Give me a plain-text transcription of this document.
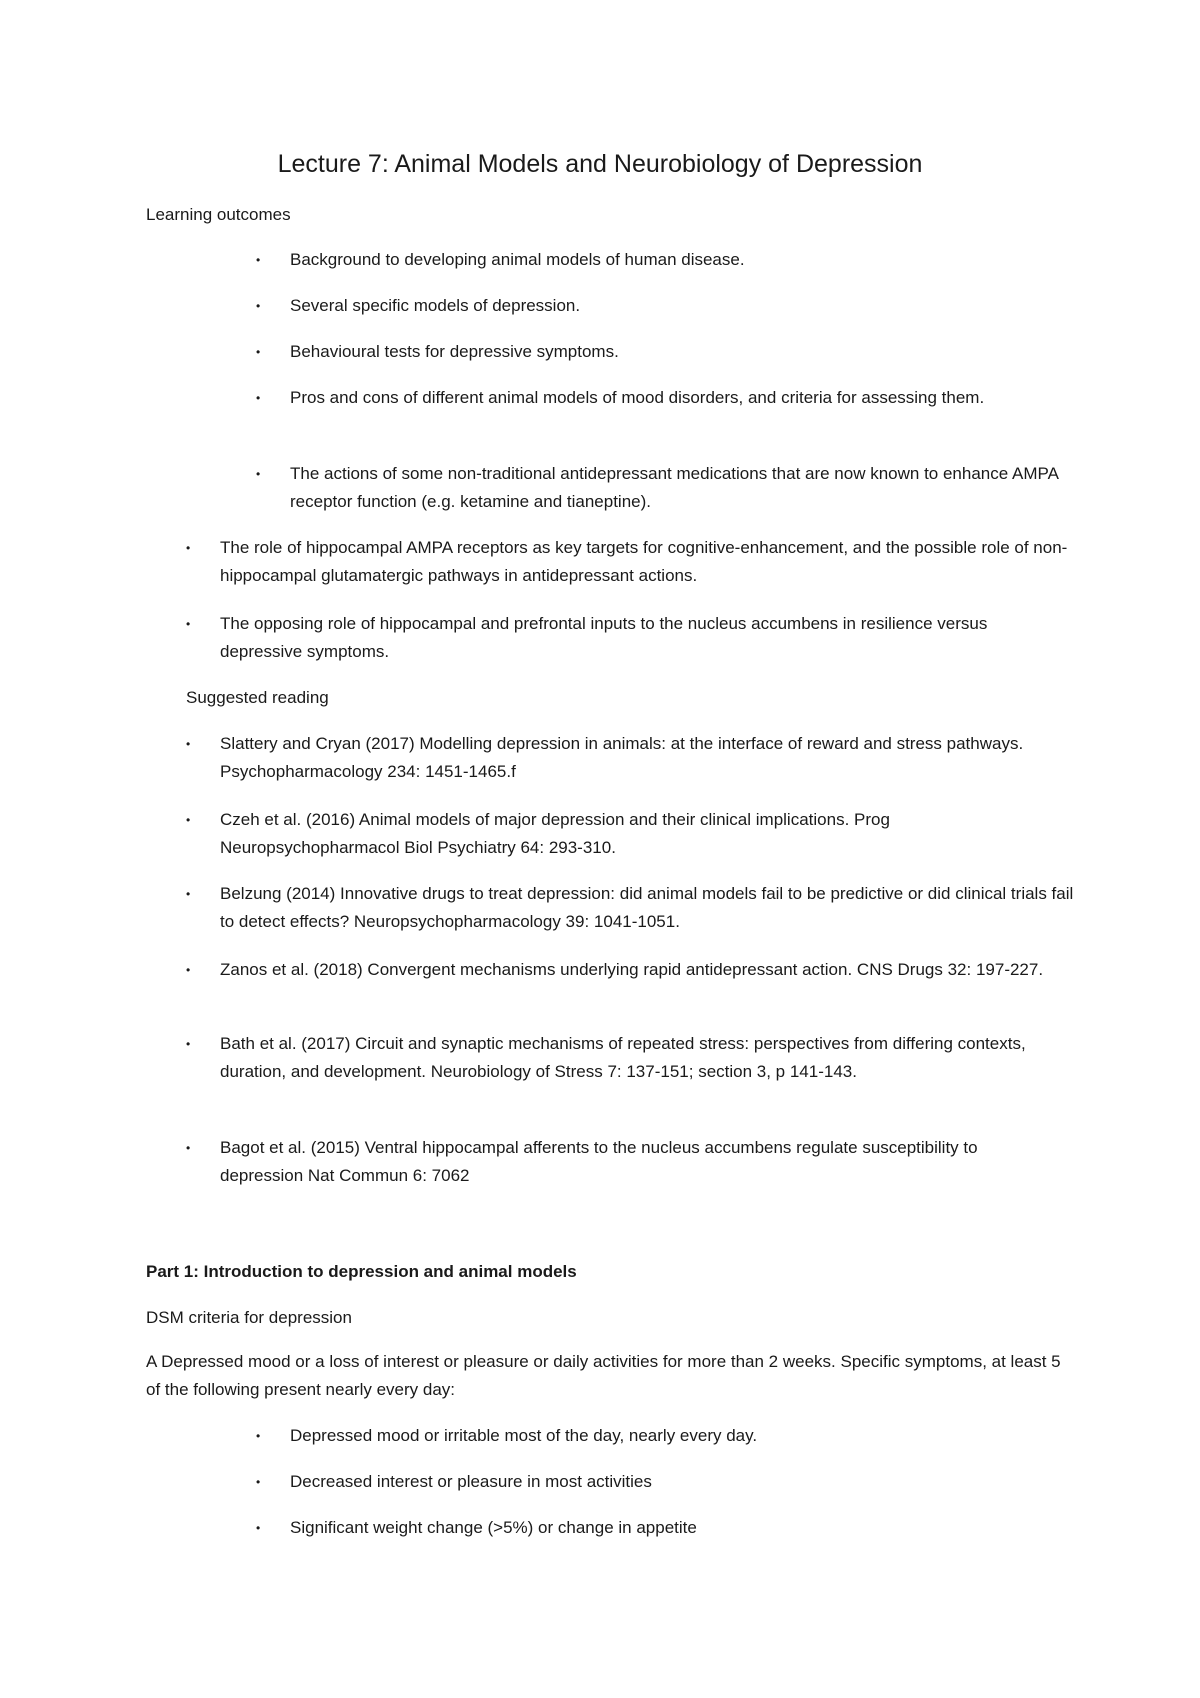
Lecture 7: Animal Models and Neurobiology of Depression
Learning outcomes
• Background to developing animal models of human disease.
• Several specific models of depression.
• Behavioural tests for depressive symptoms.
• Pros and cons of different animal models of mood disorders, and criteria for assessing them.
• The actions of some non-traditional antidepressant medications that are now known to enhance AMPA receptor function (e.g. ketamine and tianeptine).
• The role of hippocampal AMPA receptors as key targets for cognitive-enhancement, and the possible role of non-hippocampal glutamatergic pathways in antidepressant actions.
• The opposing role of hippocampal and prefrontal inputs to the nucleus accumbens in resilience versus depressive symptoms.
Suggested reading
• Slattery and Cryan (2017) Modelling depression in animals: at the interface of reward and stress pathways. Psychopharmacology 234: 1451-1465.f
• Czeh et al. (2016) Animal models of major depression and their clinical implications. Prog Neuropsychopharmacol Biol Psychiatry 64: 293-310.
• Belzung (2014) Innovative drugs to treat depression: did animal models fail to be predictive or did clinical trials fail to detect effects? Neuropsychopharmacology 39: 1041-1051.
• Zanos et al. (2018) Convergent mechanisms underlying rapid antidepressant action. CNS Drugs 32: 197-227.
• Bath et al. (2017) Circuit and synaptic mechanisms of repeated stress: perspectives from differing contexts, duration, and development. Neurobiology of Stress 7: 137-151; section 3, p 141-143.
• Bagot et al. (2015) Ventral hippocampal afferents to the nucleus accumbens regulate susceptibility to depression Nat Commun 6: 7062
Part 1: Introduction to depression and animal models
DSM criteria for depression
A Depressed mood or a loss of interest or pleasure or daily activities for more than 2 weeks. Specific symptoms, at least 5 of the following present nearly every day:
• Depressed mood or irritable most of the day, nearly every day.
• Decreased interest or pleasure in most activities
• Significant weight change (>5%) or change in appetite
